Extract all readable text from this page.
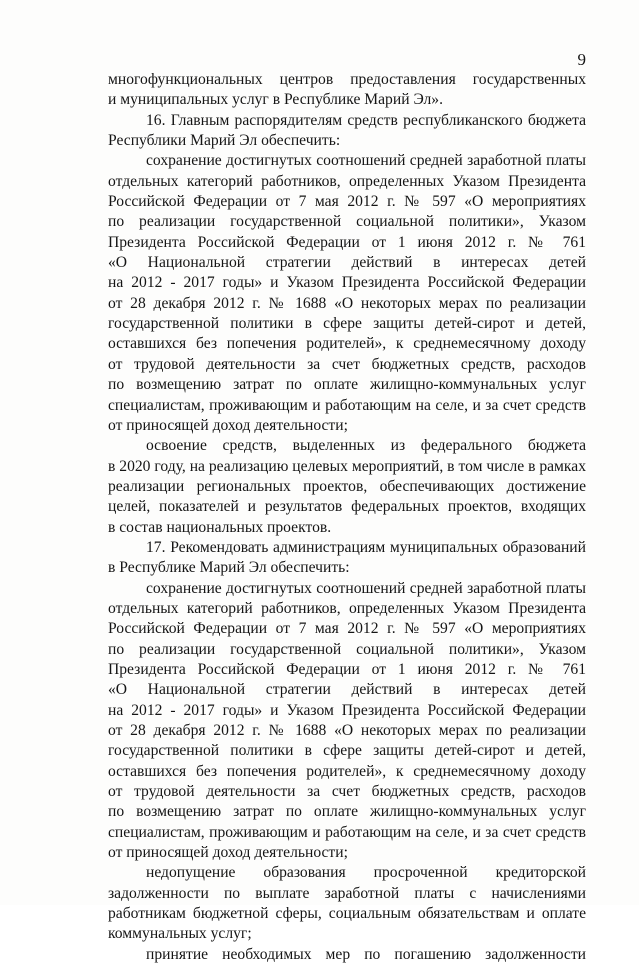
9
многофункциональных центров предоставления государственных
и муниципальных услуг в Республике Марий Эл».
16. Главным распорядителям средств республиканского бюджета
Республики Марий Эл обеспечить:
сохранение достигнутых соотношений средней заработной платы
отдельных категорий работников, определенных Указом Президента
Российской Федерации от 7 мая 2012 г. № 597 «О мероприятиях
по реализации государственной социальной политики», Указом
Президента Российской Федерации от 1 июня 2012 г. № 761
«О Национальной стратегии действий в интересах детей
на 2012 - 2017 годы» и Указом Президента Российской Федерации
от 28 декабря 2012 г. № 1688 «О некоторых мерах по реализации
государственной политики в сфере защиты детей-сирот и детей,
оставшихся без попечения родителей», к среднемесячному доходу
от трудовой деятельности за счет бюджетных средств, расходов
по возмещению затрат по оплате жилищно-коммунальных услуг
специалистам, проживающим и работающим на селе, и за счет средств
от приносящей доход деятельности;
освоение средств, выделенных из федерального бюджета
в 2020 году, на реализацию целевых мероприятий, в том числе в рамках
реализации региональных проектов, обеспечивающих достижение
целей, показателей и результатов федеральных проектов, входящих
в состав национальных проектов.
17. Рекомендовать администрациям муниципальных образований
в Республике Марий Эл обеспечить:
сохранение достигнутых соотношений средней заработной платы
отдельных категорий работников, определенных Указом Президента
Российской Федерации от 7 мая 2012 г. № 597 «О мероприятиях
по реализации государственной социальной политики», Указом
Президента Российской Федерации от 1 июня 2012 г. № 761
«О Национальной стратегии действий в интересах детей
на 2012 - 2017 годы» и Указом Президента Российской Федерации
от 28 декабря 2012 г. № 1688 «О некоторых мерах по реализации
государственной политики в сфере защиты детей-сирот и детей,
оставшихся без попечения родителей», к среднемесячному доходу
от трудовой деятельности за счет бюджетных средств, расходов
по возмещению затрат по оплате жилищно-коммунальных услуг
специалистам, проживающим и работающим на селе, и за счет средств
от приносящей доход деятельности;
недопущение образования просроченной кредиторской
задолженности по выплате заработной платы с начислениями
работникам бюджетной сферы, социальным обязательствам и оплате
коммунальных услуг;
принятие необходимых мер по погашению задолженности
